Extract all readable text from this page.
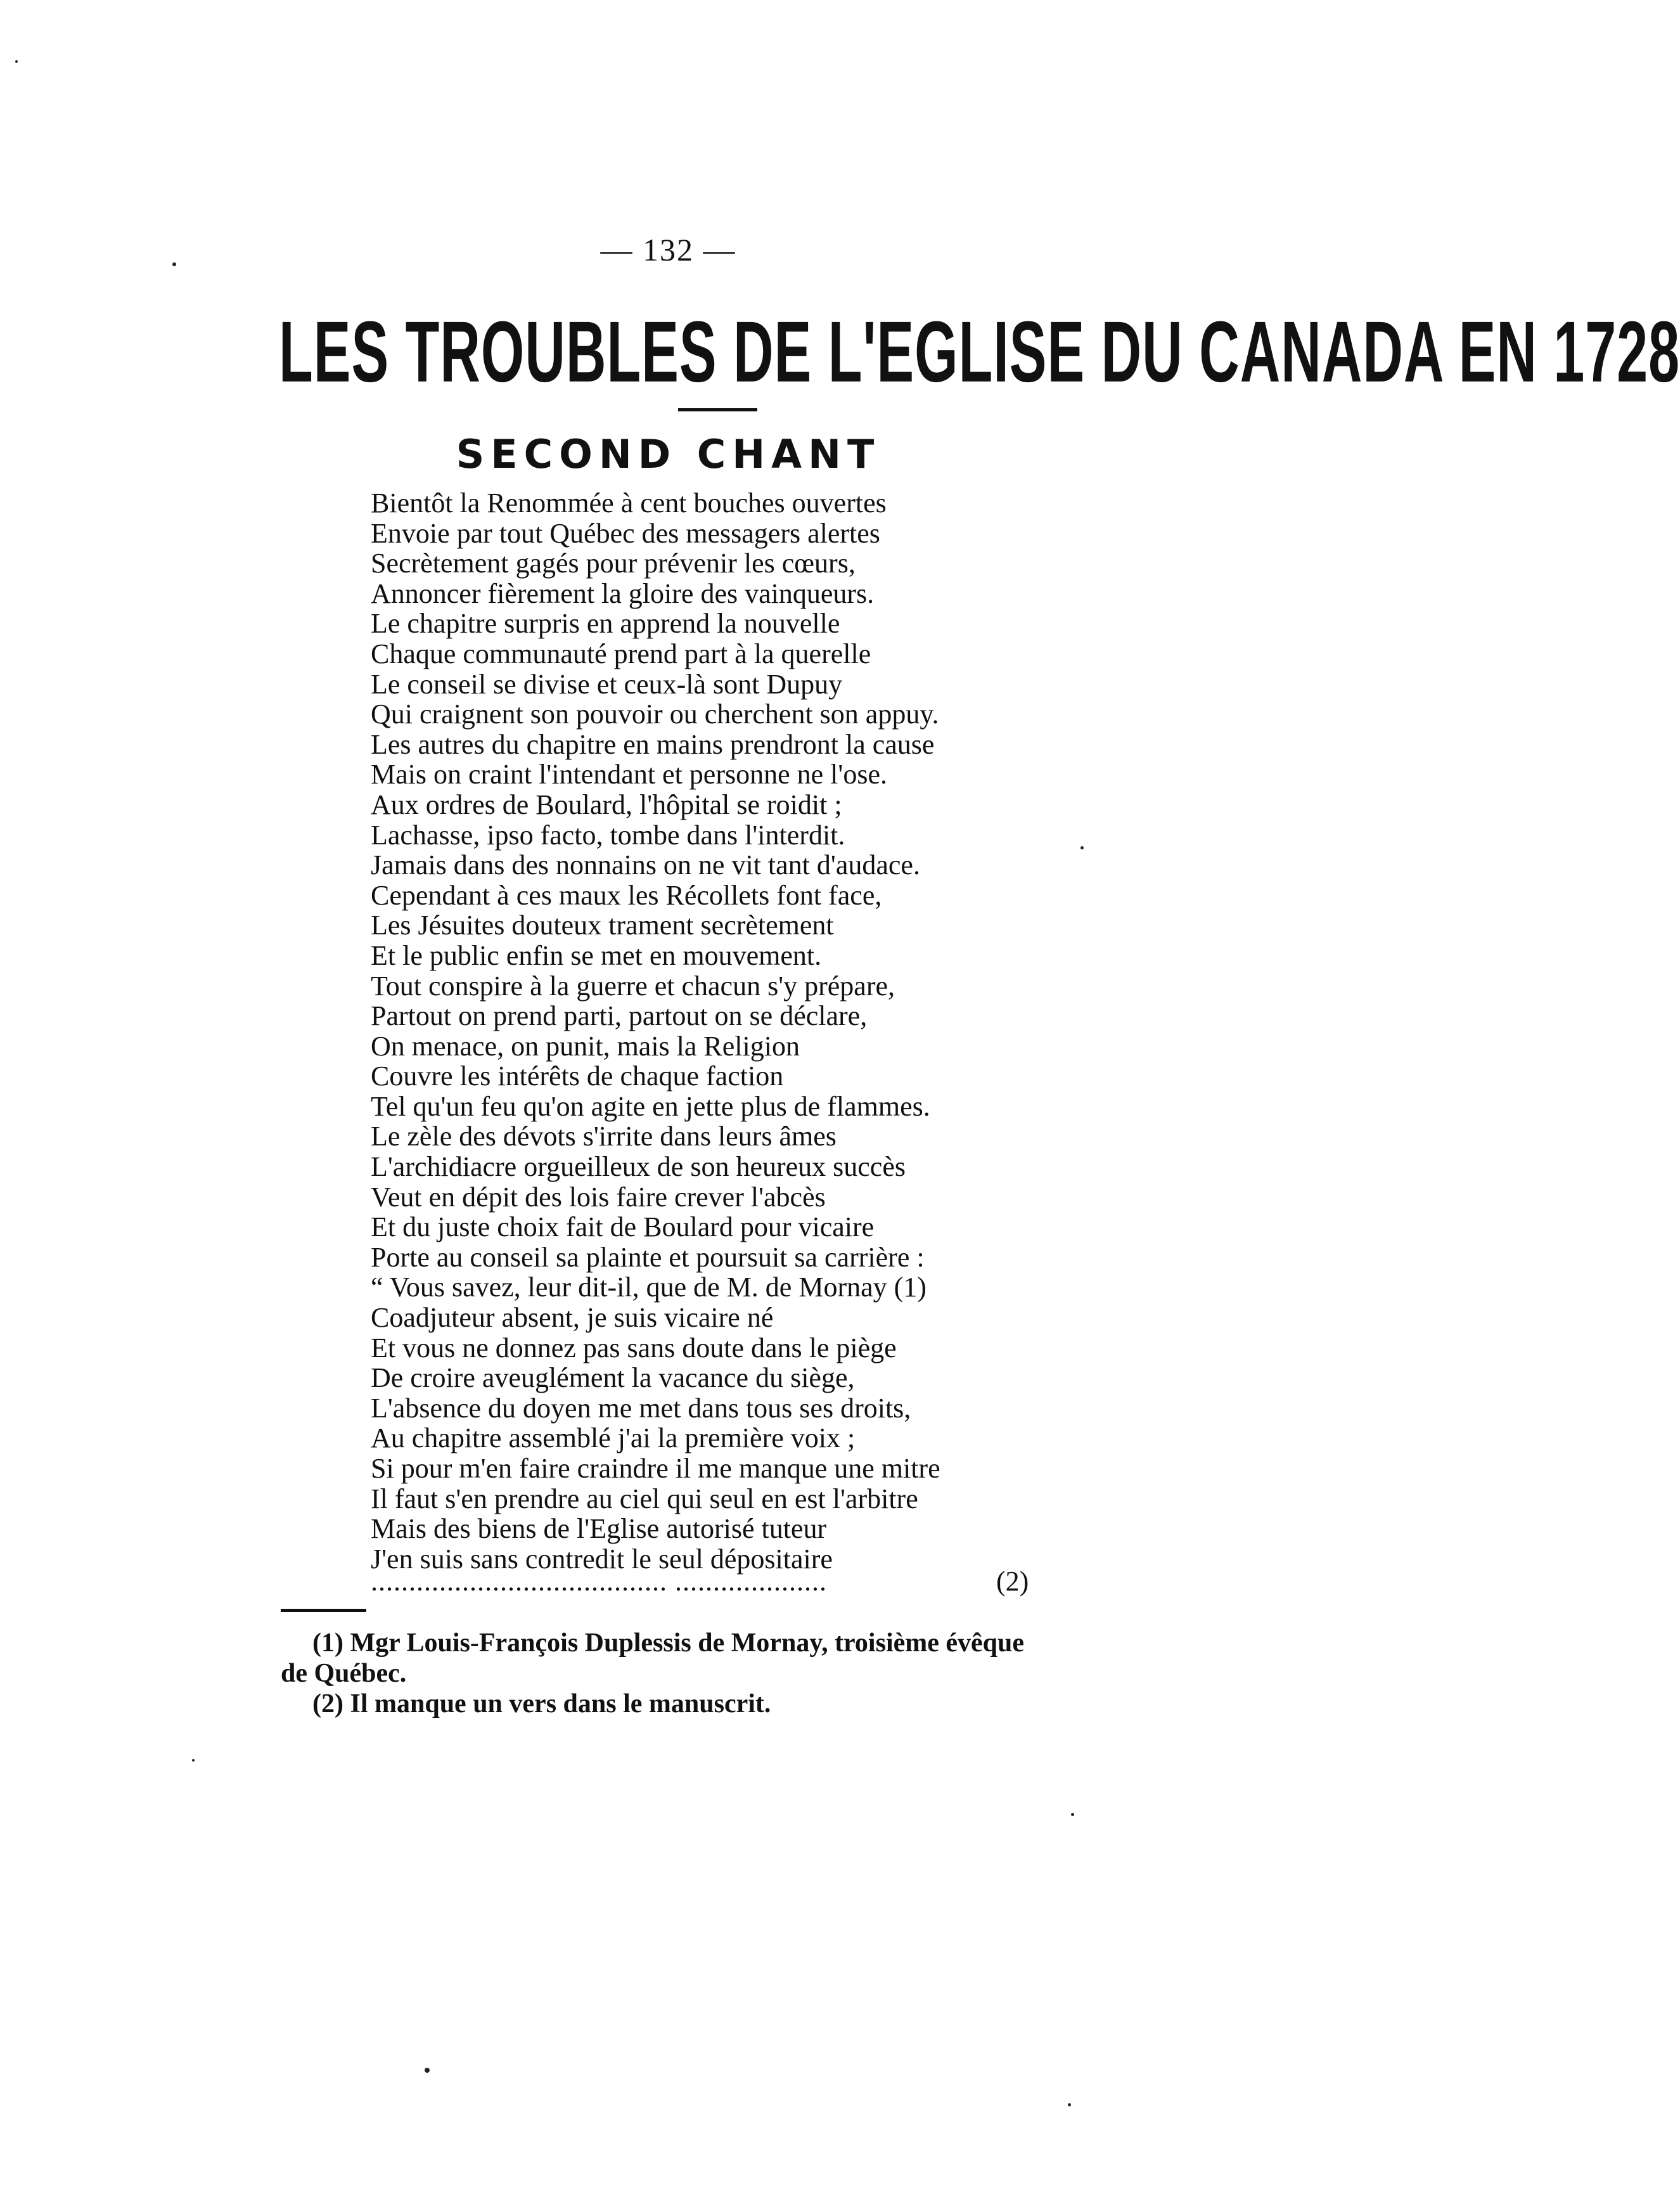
— 132 —
LES TROUBLES DE L'EGLISE DU CANADA EN 1728
SECOND CHANT
Bientôt la Renommée à cent bouches ouvertes
Envoie par tout Québec des messagers alertes
Secrètement gagés pour prévenir les cœurs,
Annoncer fièrement la gloire des vainqueurs.
Le chapitre surpris en apprend la nouvelle
Chaque communauté prend part à la querelle
Le conseil se divise et ceux-là sont Dupuy
Qui craignent son pouvoir ou cherchent son appuy.
Les autres du chapitre en mains prendront la cause
Mais on craint l'intendant et personne ne l'ose.
Aux ordres de Boulard, l'hôpital se roidit ;
Lachasse, ipso facto, tombe dans l'interdit.
Jamais dans des nonnains on ne vit tant d'audace.
Cependant à ces maux les Récollets font face,
Les Jésuites douteux trament secrètement
Et le public enfin se met en mouvement.
Tout conspire à la guerre et chacun s'y prépare,
Partout on prend parti, partout on se déclare,
On menace, on punit, mais la Religion
Couvre les intérêts de chaque faction
Tel qu'un feu qu'on agite en jette plus de flammes.
Le zèle des dévots s'irrite dans leurs âmes
L'archidiacre orgueilleux de son heureux succès
Veut en dépit des lois faire crever l'abcès
Et du juste choix fait de Boulard pour vicaire
Porte au conseil sa plainte et poursuit sa carrière :
“ Vous savez, leur dit-il, que de M. de Mornay (1)
Coadjuteur absent, je suis vicaire né
Et vous ne donnez pas sans doute dans le piège
De croire aveuglément la vacance du siège,
L'absence du doyen me met dans tous ses droits,
Au chapitre assemblé j'ai la première voix ;
Si pour m'en faire craindre il me manque une mitre
Il faut s'en prendre au ciel qui seul en est l'arbitre
Mais des biens de l'Eglise autorisé tuteur
J'en suis sans contredit le seul dépositaire
....................................... ....................	(2)
(1) Mgr Louis-François Duplessis de Mornay, troisième évêque
de Québec.
(2) Il manque un vers dans le manuscrit.
